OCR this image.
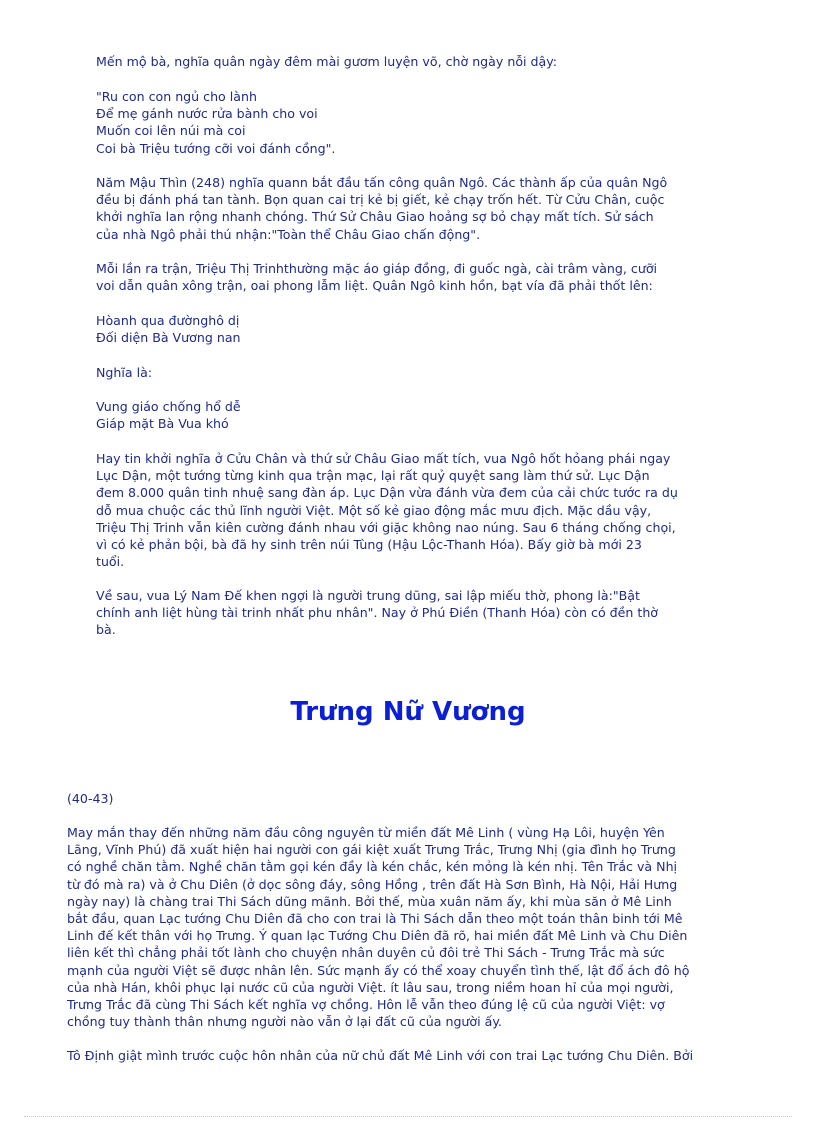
Mến mộ bà, nghĩa quân ngày đêm mài gươm luyện võ, chờ ngày nỗi dậy:

"Ru con con ngủ cho lành
Để mẹ gánh nước rửa bành cho voi
Muốn coi lên núi mà coi
Coi bà Triệu tướng cỡi voi đánh cồng".
Năm Mậu Thìn (248) nghĩa quann bắt đầu tấn công quân Ngô. Các thành ấp của quân Ngô
đều bị đánh phá tan tành. Bọn quan cai trị kẻ bị giết, kẻ chạy trốn hết. Từ Cửu Chân, cuộc
khởi nghĩa lan rộng nhanh chóng. Thứ Sử Châu Giao hoảng sợ bỏ chạy mất tích. Sử sách
của nhà Ngô phải thú nhận:"Toàn thể Châu Giao chấn động".
Mỗi lần ra trận, Triệu Thị Trinhthường mặc áo giáp đồng, đi guốc ngà, cài trâm vàng, cưỡi
voi dẫn quân xông trận, oai phong lẫm liệt. Quân Ngô kinh hồn, bạt vía đã phải thốt lên:
Hòanh qua đườnghô dị
Đối diện Bà Vương nan

Nghĩa là:

Vung giáo chống hổ dễ
Giáp mặt Bà Vua khó
Hay tin khởi nghĩa ở Cửu Chân và thứ sử Châu Giao mất tích, vua Ngô hốt hỏang phái ngay
Lục Dận, một tướng từng kinh qua trận mạc, lại rất quỷ quyệt sang làm thứ sử. Lục Dận
đem 8.000 quân tinh nhuệ sang đàn áp. Lục Dận vừa đánh vừa đem của cải chức tước ra dụ
dỗ mua chuộc các thủ lĩnh người Việt. Một số kẻ giao động mắc mưu địch. Mặc dầu vậy,
Triệu Thị Trinh vẫn kiên cường đánh nhau với giặc không nao núng. Sau 6 tháng chống chọi,
vì có kẻ phản bội, bà đã hy sinh trên núi Tùng (Hậu Lộc-Thanh Hóa). Bấy giờ bà mới 23
tuổi.
Về sau, vua Lý Nam Đế khen ngợi là người trung dũng, sai lập miếu thờ, phong là:"Bật
chính anh liệt hùng tài trinh nhất phu nhân". Nay ở Phú Điền (Thanh Hóa) còn có đền thờ
bà.
Trưng Nữ Vương

(40-43)

May mắn thay đến những năm đầu công nguyên từ miền đất Mê Linh ( vùng Hạ Lôi, huyện Yên
Lãng, Vĩnh Phú) đã xuất hiện hai người con gái kiệt xuất Trưng Trắc, Trưng Nhị (gia đình họ Trưng
có nghề chăn tằm. Nghề chăn tằm gọi kén đầy là kén chắc, kén mỏng là kén nhị. Tên Trắc và Nhị
từ đó mà ra) và ở Chu Diên (ở dọc sông đáy, sông Hồng , trên đất Hà Sơn Bình, Hà Nội, Hải Hưng
ngày nay) là chàng trai Thi Sách dũng mãnh. Bởi thế, mùa xuân năm ấy, khi mùa săn ở Mê Linh
bắt đầu, quan Lạc tướng Chu Diên đã cho con trai là Thi Sách dẫn theo một toán thân binh tới Mê
Linh đế kết thân với họ Trưng. Ý quan lạc Tướng Chu Diên đã rõ, hai miền đất Mê Linh và Chu Diên
liên kết thì chẳng phải tốt lành cho chuyện nhân duyên củ đôi trẻ Thi Sách - Trưng Trắc mà sức
mạnh của người Việt sẽ được nhân lên. Sức mạnh ấy có thể xoay chuyển tình thế, lật đổ ách đô hộ
của nhà Hán, khôi phục lại nước cũ của người Việt. ít lâu sau, trong niềm hoan hỉ của mọi người,
Trưng Trắc đã cùng Thi Sách kết nghĩa vợ chồng. Hôn lễ vẫn theo đúng lệ cũ của người Việt: vợ
chồng tuy thành thân nhưng người nào vẫn ở lại đất cũ của người ấy.
Tô Định giật mình trước cuộc hôn nhân của nữ chủ đất Mê Linh với con trai Lạc tướng Chu Diên. Bởi
